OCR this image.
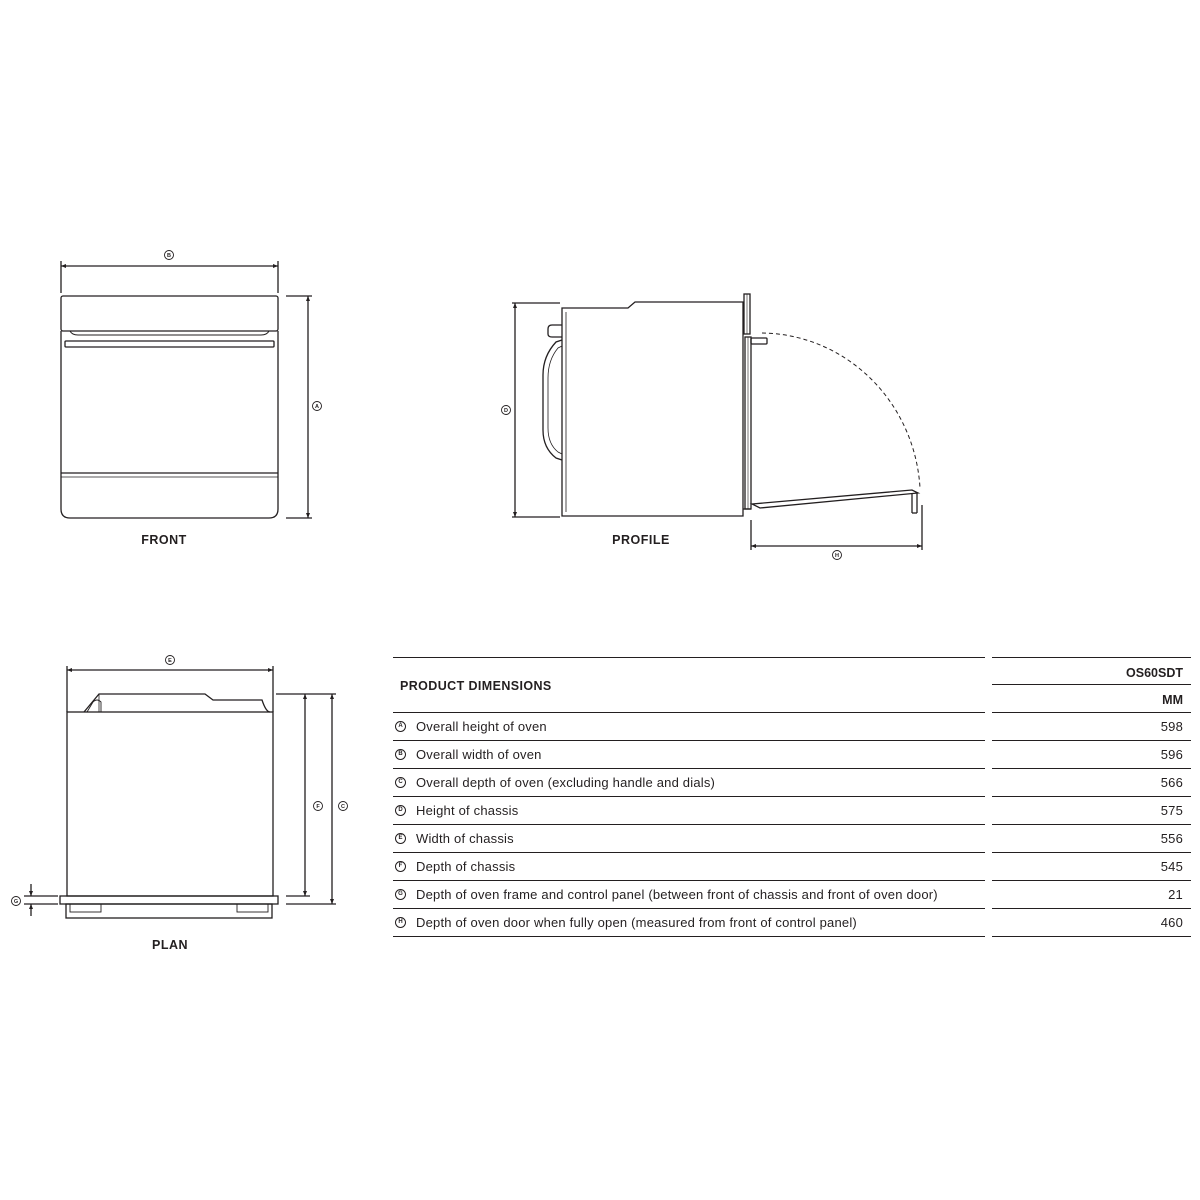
B
A
D
H
E
F	C
G
FRONT	PROFILE
PLAN
PRODUCT DIMENSIONS
OS60SDT
MM
A Overall height of oven	598
B Overall width of oven	596
C Overall depth of oven (excluding handle and dials)	566
D Height of chassis	575
E Width of chassis	556
F Depth of chassis	545
G Depth of oven frame and control panel (between front of chassis and front of oven door)	21
H Depth of oven door when fully open (measured from front of control panel)	460
